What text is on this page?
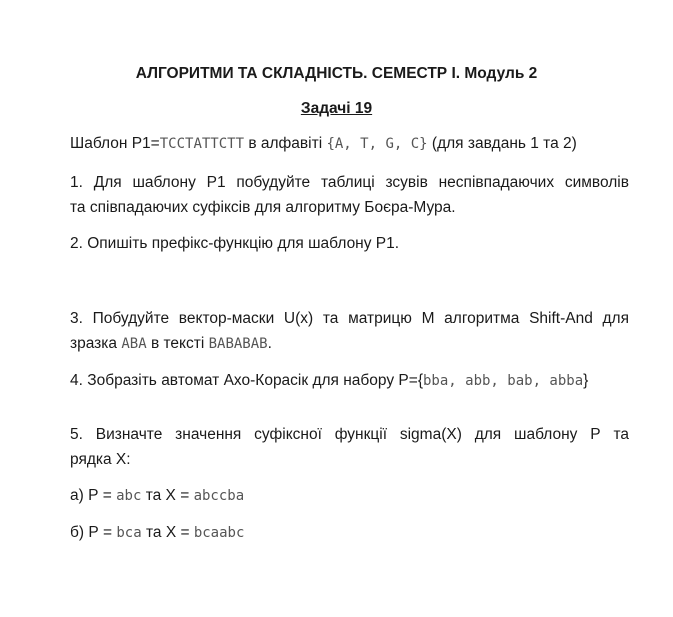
АЛГОРИТМИ ТА СКЛАДНІСТЬ. СЕМЕСТР І. Модуль 2
Задачі 19
Шаблон Р1=TCCTATTCTT в алфавіті {A, T, G, C} (для завдань 1 та 2)
1. Для шаблону Р1 побудуйте таблиці зсувів неспівпадаючих символів
та співпадаючих суфіксів для алгоритму Боєра-Мура.
2. Опишіть префікс-функцію для шаблону Р1.
3. Побудуйте вектор-маски U(x) та матрицю M алгоритма Shift-And для
зразка ABA в тексті BABABAB.
4. Зобразіть автомат Ахо-Корасік для набору Р={bba, abb, bab, abba}
5. Визначте значення суфіксної функції sigma(X) для шаблону Р та
рядка Х:
а) Р = abc та Х = abccba
б) Р = bca та Х = bcaabc
